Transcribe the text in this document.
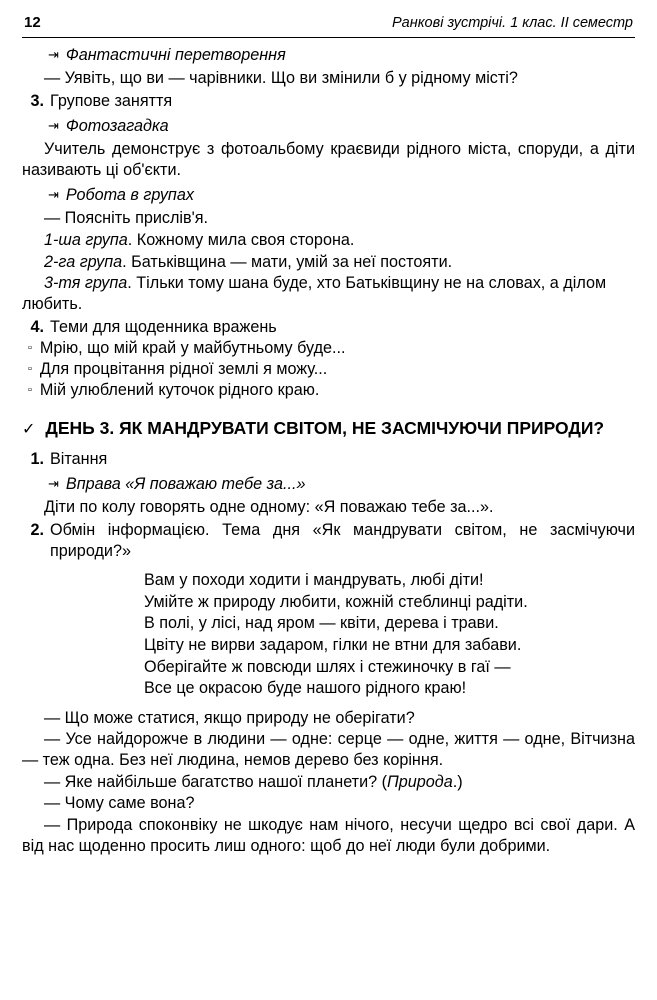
12	Ранкові зустрічі. 1 клас. ІІ семестр
⇥ Фантастичні перетворення

— Уявіть, що ви — чарівники. Що ви змінили б у рідному місті?

3. Групове заняття
⇥ Фотозагадка

Учитель демонструє з фотоальбому краєвиди рідного міста, споруди, а діти називають ці об'єкти.

⇥ Робота в групах

— Поясніть прислів'я.

1-ша група. Кожному мила своя сторона.

2-га група. Батьківщина — мати, умій за неї постояти.

3-тя група. Тільки тому шана буде, хто Батьківщину не на словах, а ділом любить.

4. Теми для щоденника вражень
▫ Мрію, що мій край у майбутньому буде...
▫ Для процвітання рідної землі я можу...
▫ Мій улюблений куточок рідного краю.
✓ ДЕНЬ 3. ЯК МАНДРУВАТИ СВІТОМ, НЕ ЗАСМІЧУЮЧИ ПРИРОДИ?
1. Вітання
⇥ Вправа «Я поважаю тебе за...»

Діти по колу говорять одне одному: «Я поважаю тебе за...».

2. Обмін інформацією. Тема дня «Як мандрувати світом, не засмічуючи природи?»
Вам у походи ходити і мандрувать, любі діти!
Умійте ж природу любити, кожній стеблинці радіти.
В полі, у лісі, над яром — квіти, дерева і трави.
Цвіту не вирви задаром, гілки не втни для забави.
Оберігайте ж повсюди шлях і стежиночку в гаї —
Все це окрасою буде нашого рідного краю!

— Що може статися, якщо природу не оберігати?

— Усе найдорожче в людини — одне: серце — одне, життя — одне, Вітчизна — теж одна. Без неї людина, немов дерево без коріння.

— Яке найбільше багатство нашої планети? (Природа.)

— Чому саме вона?

— Природа споконвіку не шкодує нам нічого, несучи щедро всі свої дари. А від нас щоденно просить лиш одного: щоб до неї люди були добрими.
